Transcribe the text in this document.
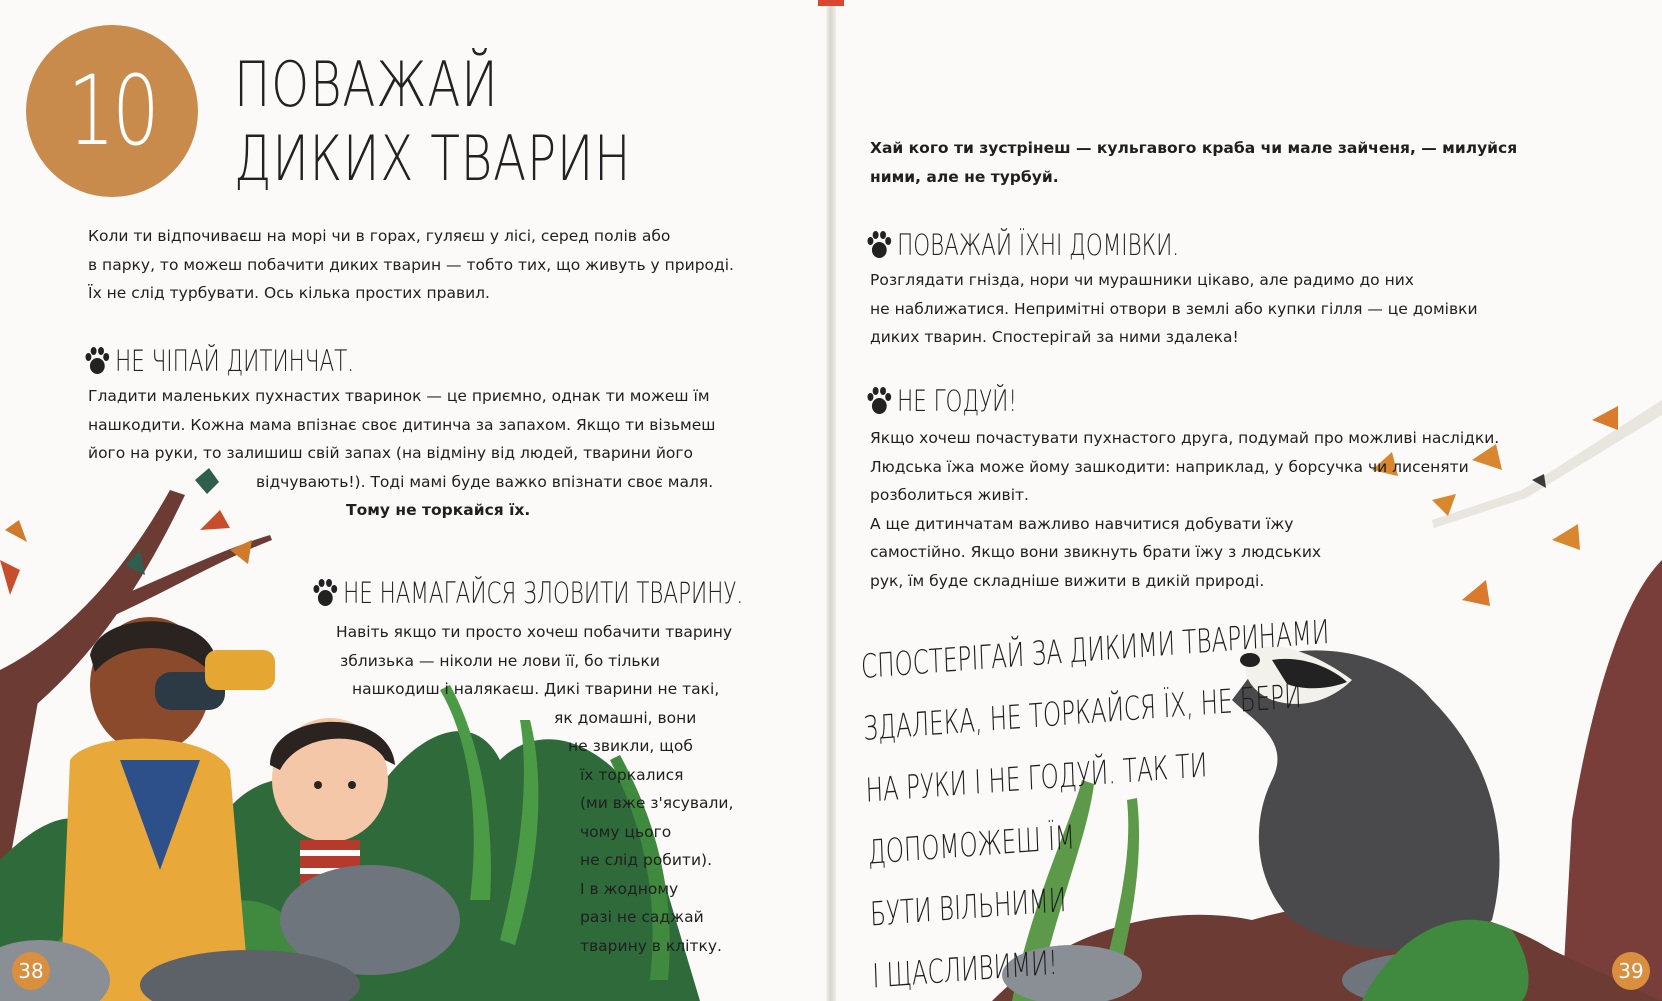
10 ПОВАЖАЙ
ДИКИХ ТВАРИН
Коли ти відпочиваєш на морі чи в горах, гуляєш у лісі, серед полів або
в парку, то можеш побачити диких тварин — тобто тих, що живуть у природі.
Їх не слід турбувати. Ось кілька простих правил.
НЕ ЧІПАЙ ДИТИНЧАТ.
Гладити маленьких пухнастих тваринок — це приємно, однак ти можеш їм
нашкодити. Кожна мама впізнає своє дитинча за запахом. Якщо ти візьмеш
його на руки, то залишиш свій запах (на відміну від людей, тварини його
відчувають!). Тоді мамі буде важко впізнати своє маля.
Тому не торкайся їх.
НЕ НАМАГАЙСЯ ЗЛОВИТИ ТВАРИНУ.
Навіть якщо ти просто хочеш побачити тварину
зблизька — ніколи не лови її, бо тільки
нашкодиш і налякаєш. Дикі тварини не такі,
як домашні, вони
не звикли, щоб
їх торкалися
(ми вже з'ясували,
чому цього
не слід робити).
І в жодному
разі не саджай
тварину в клітку.
38
Хай кого ти зустрінеш — кульгавого краба чи мале зайченя, — милуйся
ними, але не турбуй.
ПОВАЖАЙ ЇХНІ ДОМІВКИ.
Розглядати гнізда, нори чи мурашники цікаво, але радимо до них
не наближатися. Непримітні отвори в землі або купки гілля — це домівки
диких тварин. Спостерігай за ними здалека!
НЕ ГОДУЙ!
Якщо хочеш почастувати пухнастого друга, подумай про можливі наслідки.
Людська їжа може йому зашкодити: наприклад, у борсучка чи лисеняти
розболиться живіт.
А ще дитинчатам важливо навчитися добувати їжу
самостійно. Якщо вони звикнуть брати їжу з людських
рук, їм буде складніше вижити в дикій природі.
СПОСТЕРІГАЙ ЗА ДИКИМИ ТВАРИНАМИ
ЗДАЛЕКА, НЕ ТОРКАЙСЯ ЇХ, НЕ БЕРИ
НА РУКИ І НЕ ГОДУЙ. ТАК ТИ
ДОПОМОЖЕШ ЇМ
БУТИ ВІЛЬНИМИ
І ЩАСЛИВИМИ!	39
